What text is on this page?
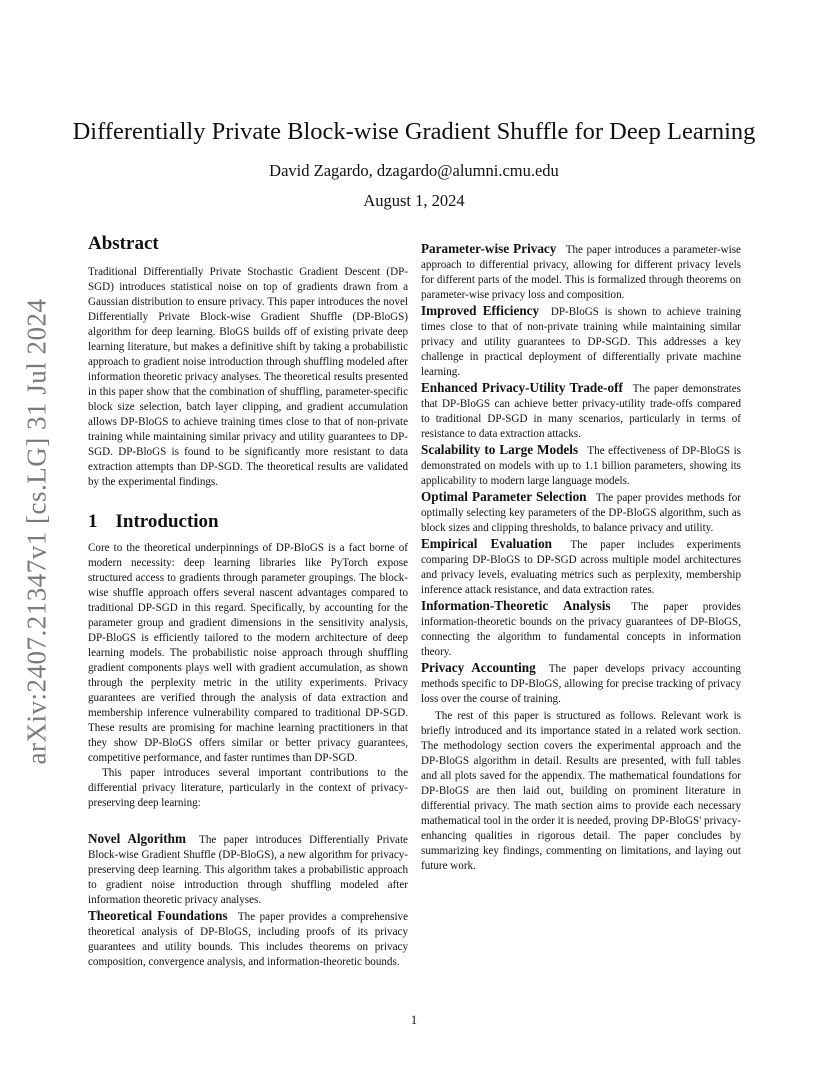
arXiv:2407.21347v1 [cs.LG] 31 Jul 2024
Differentially Private Block-wise Gradient Shuffle for Deep Learning
David Zagardo, dzagardo@alumni.cmu.edu
August 1, 2024
Abstract

Traditional Differentially Private Stochastic Gradient Descent (DP-SGD) introduces statistical noise on top of gradients drawn from a Gaussian distribution to ensure privacy. This paper introduces the novel Differentially Private Block-wise Gradient Shuffle (DP-BloGS) algorithm for deep learning. BloGS builds off of existing private deep learning literature, but makes a definitive shift by taking a probabilistic approach to gradient noise introduction through shuffling modeled after information theoretic privacy analyses. The theoretical results presented in this paper show that the combination of shuffling, parameter-specific block size selection, batch layer clipping, and gradient accumulation allows DP-BloGS to achieve training times close to that of non-private training while maintaining similar privacy and utility guarantees to DP-SGD. DP-BloGS is found to be significantly more resistant to data extraction attempts than DP-SGD. The theoretical results are validated by the experimental findings.

1 Introduction

Core to the theoretical underpinnings of DP-BloGS is a fact borne of modern necessity: deep learning libraries like PyTorch expose structured access to gradients through parameter groupings. The block-wise shuffle approach offers several nascent advantages compared to traditional DP-SGD in this regard. Specifically, by accounting for the parameter group and gradient dimensions in the sensitivity analysis, DP-BloGS is efficiently tailored to the modern architecture of deep learning models. The probabilistic noise approach through shuffling gradient components plays well with gradient accumulation, as shown through the perplexity metric in the utility experiments. Privacy guarantees are verified through the analysis of data extraction and membership inference vulnerability compared to traditional DP-SGD. These results are promising for machine learning practitioners in that they show DP-BloGS offers similar or better privacy guarantees, competitive performance, and faster runtimes than DP-SGD.

This paper introduces several important contributions to the differential privacy literature, particularly in the context of privacy-preserving deep learning:

Novel Algorithm The paper introduces Differentially Private Block-wise Gradient Shuffle (DP-BloGS), a new algorithm for privacy-preserving deep learning. This algorithm takes a probabilistic approach to gradient noise introduction through shuffling modeled after information theoretic privacy analyses.

Theoretical Foundations The paper provides a comprehensive theoretical analysis of DP-BloGS, including proofs of its privacy guarantees and utility bounds. This includes theorems on privacy composition, convergence analysis, and information-theoretic bounds.

Parameter-wise Privacy The paper introduces a parameter-wise approach to differential privacy, allowing for different privacy levels for different parts of the model. This is formalized through theorems on parameter-wise privacy loss and composition.

Improved Efficiency DP-BloGS is shown to achieve training times close to that of non-private training while maintaining similar privacy and utility guarantees to DP-SGD. This addresses a key challenge in practical deployment of differentially private machine learning.

Enhanced Privacy-Utility Trade-off The paper demonstrates that DP-BloGS can achieve better privacy-utility trade-offs compared to traditional DP-SGD in many scenarios, particularly in terms of resistance to data extraction attacks.

Scalability to Large Models The effectiveness of DP-BloGS is demonstrated on models with up to 1.1 billion parameters, showing its applicability to modern large language models.

Optimal Parameter Selection The paper provides methods for optimally selecting key parameters of the DP-BloGS algorithm, such as block sizes and clipping thresholds, to balance privacy and utility.

Empirical Evaluation The paper includes experiments comparing DP-BloGS to DP-SGD across multiple model architectures and privacy levels, evaluating metrics such as perplexity, membership inference attack resistance, and data extraction rates.

Information-Theoretic Analysis The paper provides information-theoretic bounds on the privacy guarantees of DP-BloGS, connecting the algorithm to fundamental concepts in information theory.

Privacy Accounting The paper develops privacy accounting methods specific to DP-BloGS, allowing for precise tracking of privacy loss over the course of training.

The rest of this paper is structured as follows. Relevant work is briefly introduced and its importance stated in a related work section. The methodology section covers the experimental approach and the DP-BloGS algorithm in detail. Results are presented, with full tables and all plots saved for the appendix. The mathematical foundations for DP-BloGS are then laid out, building on prominent literature in differential privacy. The math section aims to provide each necessary mathematical tool in the order it is needed, proving DP-BloGS' privacy-enhancing qualities in rigorous detail. The paper concludes by summarizing key findings, commenting on limitations, and laying out future work.

1
